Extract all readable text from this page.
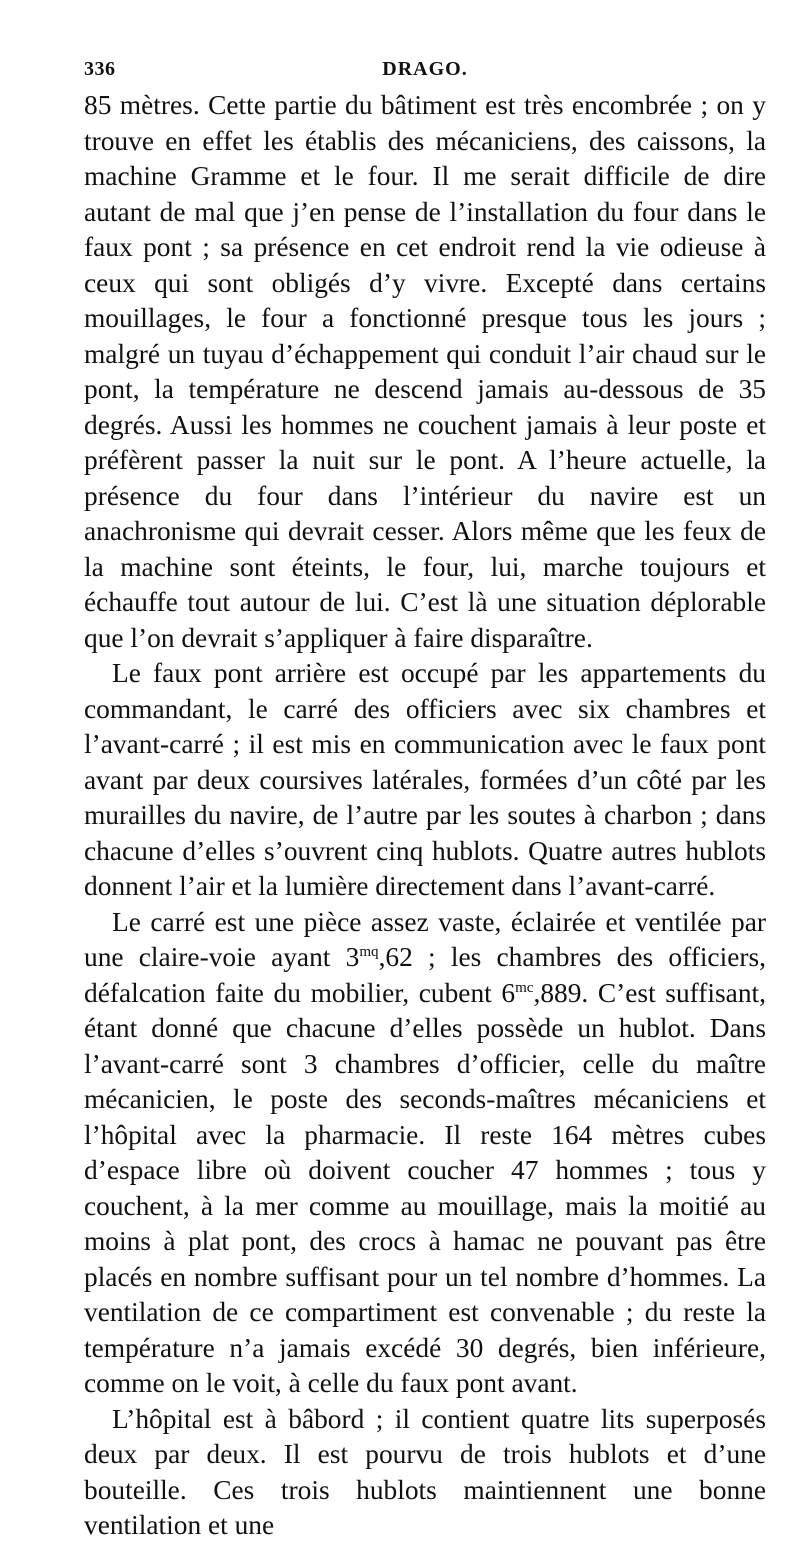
336	DRAGO.

85 mètres. Cette partie du bâtiment est très encombrée ; on y trouve en effet les établis des mécaniciens, des caissons, la machine Gramme et le four. Il me serait difficile de dire autant de mal que j’en pense de l’installation du four dans le faux pont ; sa présence en cet endroit rend la vie odieuse à ceux qui sont obligés d’y vivre. Excepté dans certains mouillages, le four a fonctionné presque tous les jours ; malgré un tuyau d’échappement qui conduit l’air chaud sur le pont, la température ne descend jamais au-dessous de 35 degrés. Aussi les hommes ne couchent jamais à leur poste et préfèrent passer la nuit sur le pont. A l’heure actuelle, la présence du four dans l’intérieur du navire est un anachronisme qui devrait cesser. Alors même que les feux de la machine sont éteints, le four, lui, marche toujours et échauffe tout autour de lui. C’est là une situation déplorable que l’on devrait s’appliquer à faire disparaître.

Le faux pont arrière est occupé par les appartements du commandant, le carré des officiers avec six chambres et l’avant-carré ; il est mis en communication avec le faux pont avant par deux coursives latérales, formées d’un côté par les murailles du navire, de l’autre par les soutes à charbon ; dans chacune d’elles s’ouvrent cinq hublots. Quatre autres hublots donnent l’air et la lumière directement dans l’avant-carré.

Le carré est une pièce assez vaste, éclairée et ventilée par une claire-voie ayant $3^{mq},62$ ; les chambres des officiers, défalcation faite du mobilier, cubent $6^{mc},889$. C’est suffisant, étant donné que chacune d’elles possède un hublot. Dans l’avant-carré sont 3 chambres d’officier, celle du maître mécanicien, le poste des seconds-maîtres mécaniciens et l’hôpital avec la pharmacie. Il reste 164 mètres cubes d’espace libre où doivent coucher 47 hommes ; tous y couchent, à la mer comme au mouillage, mais la moitié au moins à plat pont, des crocs à hamac ne pouvant pas être placés en nombre suffisant pour un tel nombre d’hommes. La ventilation de ce compartiment est convenable ; du reste la température n’a jamais excédé 30 degrés, bien inférieure, comme on le voit, à celle du faux pont avant.

L’hôpital est à bâbord ; il contient quatre lits superposés deux par deux. Il est pourvu de trois hublots et d’une bouteille. Ces trois hublots maintiennent une bonne ventilation et une
